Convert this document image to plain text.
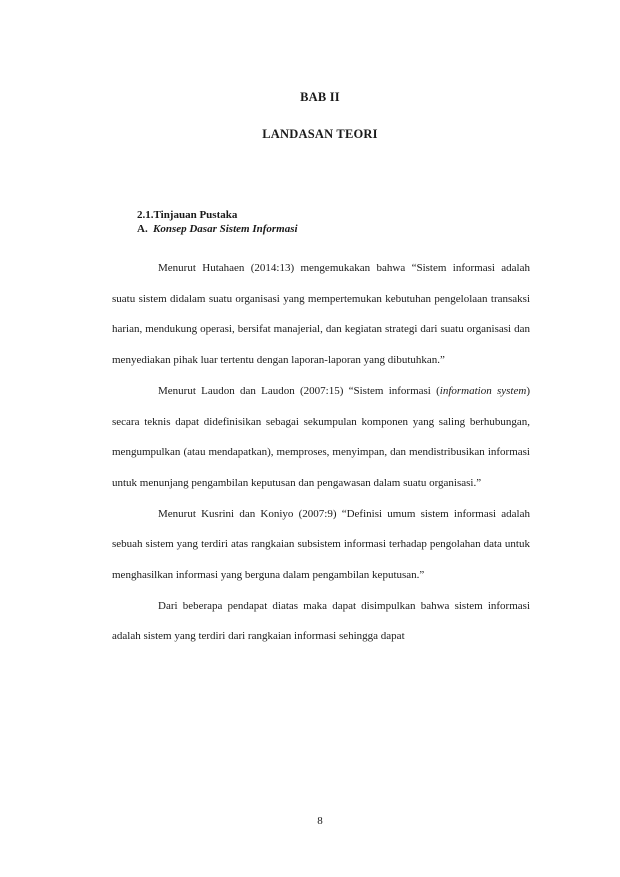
BAB II
LANDASAN TEORI
2.1.Tinjauan Pustaka
A. Konsep Dasar Sistem Informasi

Menurut Hutahaen (2014:13) mengemukakan bahwa “Sistem informasi adalah suatu sistem didalam suatu organisasi yang mempertemukan kebutuhan pengelolaan transaksi harian, mendukung operasi, bersifat manajerial, dan kegiatan strategi dari suatu organisasi dan menyediakan pihak luar tertentu dengan laporan-laporan yang dibutuhkan.”

Menurut Laudon dan Laudon (2007:15) “Sistem informasi (information system) secara teknis dapat didefinisikan sebagai sekumpulan komponen yang saling berhubungan, mengumpulkan (atau mendapatkan), memproses, menyimpan, dan mendistribusikan informasi untuk menunjang pengambilan keputusan dan pengawasan dalam suatu organisasi.”

Menurut Kusrini dan Koniyo (2007:9) “Definisi umum sistem informasi adalah sebuah sistem yang terdiri atas rangkaian subsistem informasi terhadap pengolahan data untuk menghasilkan informasi yang berguna dalam pengambilan keputusan.”

Dari beberapa pendapat diatas maka dapat disimpulkan bahwa sistem informasi adalah sistem yang terdiri dari rangkaian informasi sehingga dapat

8
